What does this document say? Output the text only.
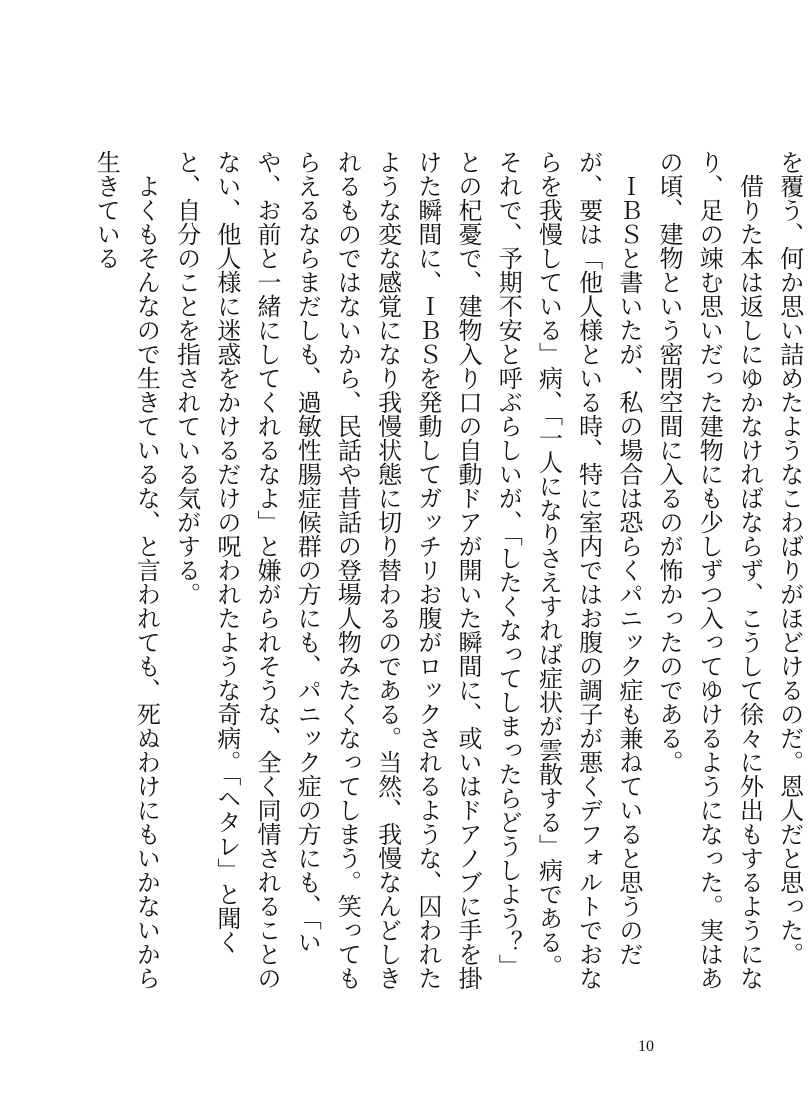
を覆う、何か思い詰めたようなこわばりがほどけるのだ。恩人だと思った。

借りた本は返しにゆかなければならず、こうして徐々に外出もするようになり、足の竦む思いだった建物にも少しずつ入ってゆけるようになった。実はあの頃、建物という密閉空間に入るのが怖かったのである。

ＩＢＳと書いたが、私の場合は恐らくパニック症も兼ねていると思うのだが、要は「他人様といる時、特に室内ではお腹の調子が悪くデフォルトでおならを我慢している」病、「一人になりさえすれば症状が雲散する」病である。それで、予期不安と呼ぶらしいが、「したくなってしまったらどうしよう？」との杞憂で、建物入り口の自動ドアが開いた瞬間に、或いはドアノブに手を掛けた瞬間に、ＩＢＳを発動してガッチリお腹がロックされるような、囚われたような変な感覚になり我慢状態に切り替わるのである。当然、我慢なんどしきれるものではないから、民話や昔話の登場人物みたくなってしまう。笑ってもらえるならまだしも、過敏性腸症候群の方にも、パニック症の方にも、「いや、お前と一緒にしてくれるなよ」と嫌がられそうな、全く同情されることのない、他人様に迷惑をかけるだけの呪われたような奇病。「ヘタレ」と聞くと、自分のことを指されている気がする。

よくもそんなので生きているな、と言われても、死ぬわけにもいかないから生きている

10
